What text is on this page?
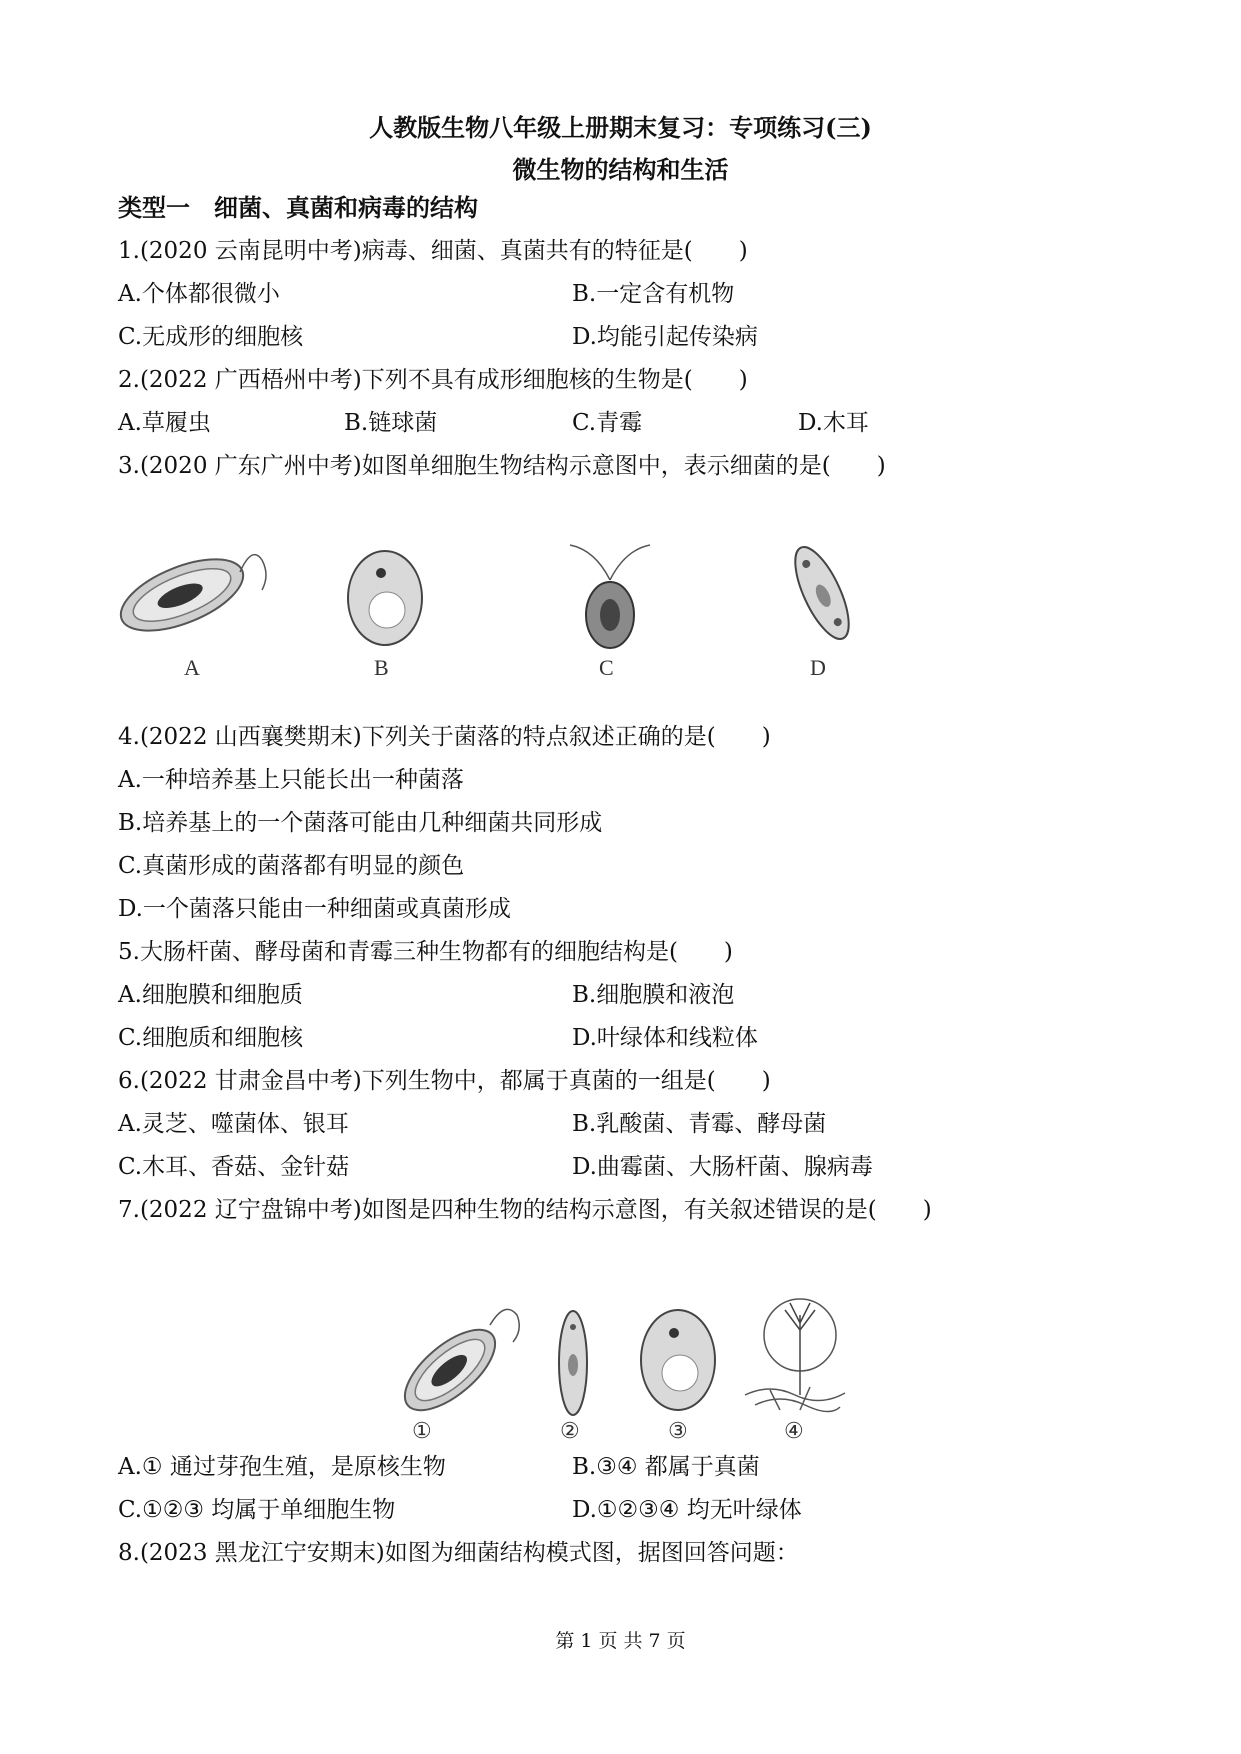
人教版生物八年级上册期末复习：专项练习(三)
微生物的结构和生活
类型一　细菌、真菌和病毒的结构
1.(2020 云南昆明中考)病毒、细菌、真菌共有的特征是(　　)
A.个体都很微小	B.一定含有机物
C.无成形的细胞核	D.均能引起传染病
2.(2022 广西梧州中考)下列不具有成形细胞核的生物是(　　)
A.草履虫	B.链球菌	C.青霉	D.木耳
3.(2020 广东广州中考)如图单细胞生物结构示意图中，表示细菌的是(　　)
A	B	C	D
4.(2022 山西襄樊期末)下列关于菌落的特点叙述正确的是(　　)
A.一种培养基上只能长出一种菌落
B.培养基上的一个菌落可能由几种细菌共同形成
C.真菌形成的菌落都有明显的颜色
D.一个菌落只能由一种细菌或真菌形成
5.大肠杆菌、酵母菌和青霉三种生物都有的细胞结构是(　　)
A.细胞膜和细胞质	B.细胞膜和液泡
C.细胞质和细胞核	D.叶绿体和线粒体
6.(2022 甘肃金昌中考)下列生物中，都属于真菌的一组是(　　)
A.灵芝、噬菌体、银耳	B.乳酸菌、青霉、酵母菌
C.木耳、香菇、金针菇	D.曲霉菌、大肠杆菌、腺病毒
7.(2022 辽宁盘锦中考)如图是四种生物的结构示意图，有关叙述错误的是(　　)
①	②	③	④
A.① 通过芽孢生殖，是原核生物	B.③④ 都属于真菌
C.①②③ 均属于单细胞生物	D.①②③④ 均无叶绿体
8.(2023 黑龙江宁安期末)如图为细菌结构模式图，据图回答问题：
第 1 页 共 7 页
